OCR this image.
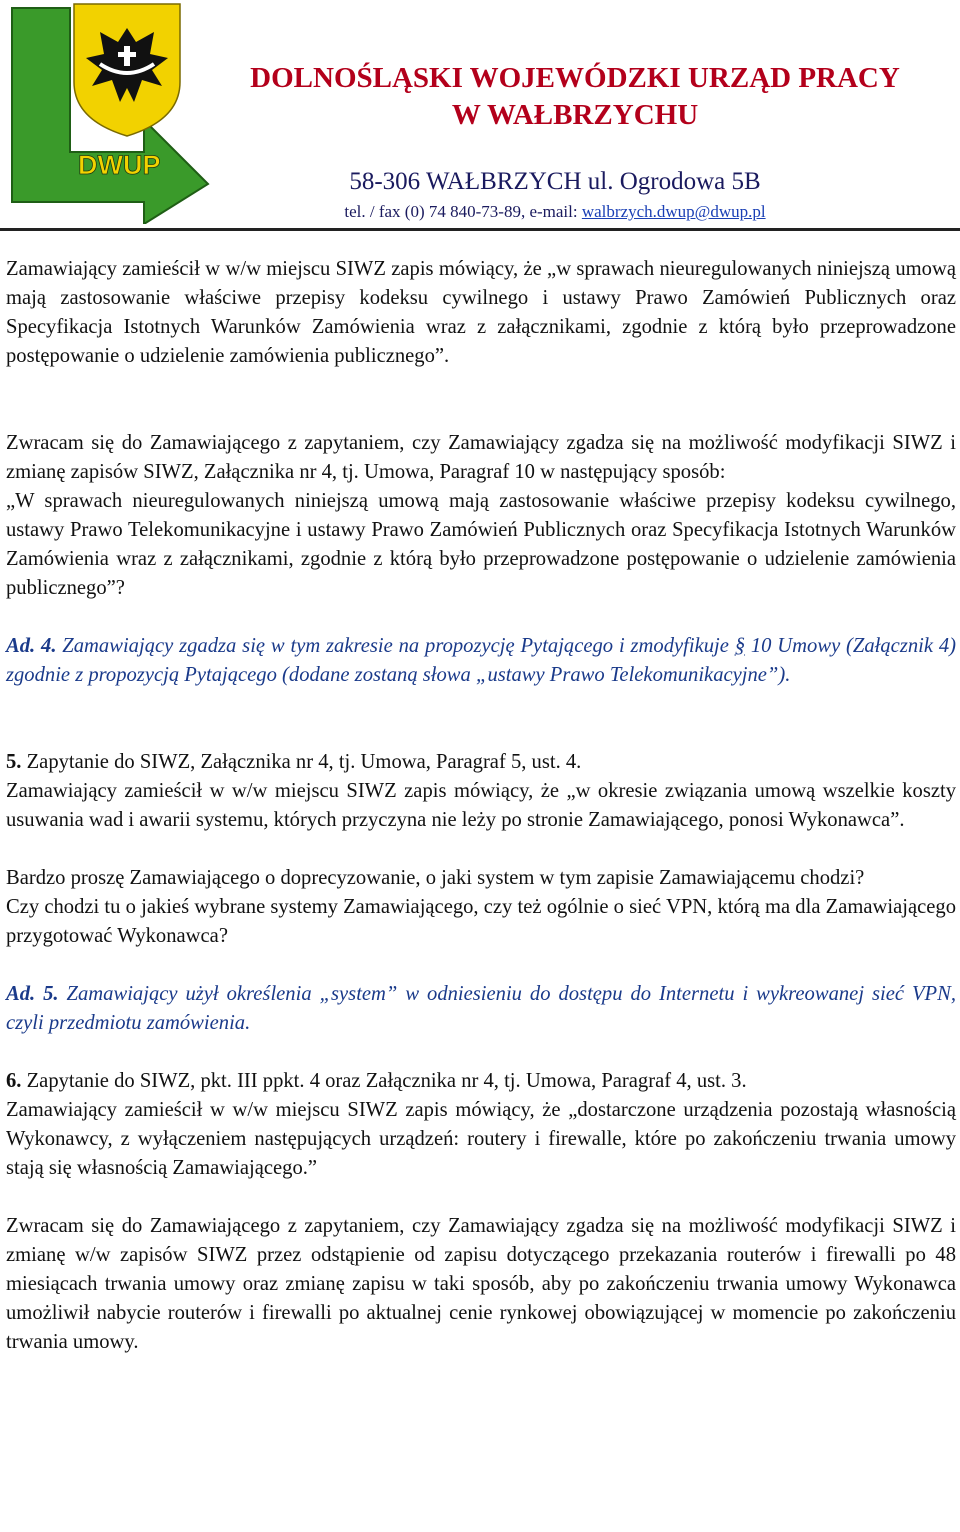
DWUP
DOLNOŚLĄSKI WOJEWÓDZKI URZĄD PRACY
W WAŁBRZYCHU
58-306 WAŁBRZYCH ul. Ogrodowa 5B
tel. / fax (0) 74 840-73-89, e-mail: walbrzych.dwup@dwup.pl

Zamawiający zamieścił w w/w miejscu SIWZ zapis mówiący, że „w sprawach nieuregulowanych niniejszą umową mają zastosowanie właściwe przepisy kodeksu cywilnego i ustawy Prawo Zamówień Publicznych oraz Specyfikacja Istotnych Warunków Zamówienia wraz z załącznikami, zgodnie z którą było przeprowadzone postępowanie o udzielenie zamówienia publicznego”.

Zwracam się do Zamawiającego z zapytaniem, czy Zamawiający zgadza się na możliwość modyfikacji SIWZ i zmianę zapisów SIWZ, Załącznika nr 4, tj. Umowa, Paragraf 10 w następujący sposób:

„W sprawach nieuregulowanych niniejszą umową mają zastosowanie właściwe przepisy kodeksu cywilnego, ustawy Prawo Telekomunikacyjne i ustawy Prawo Zamówień Publicznych oraz Specyfikacja Istotnych Warunków Zamówienia wraz z załącznikami, zgodnie z którą było przeprowadzone postępowanie o udzielenie zamówienia publicznego”?

Ad. 4. Zamawiający zgadza się w tym zakresie na propozycję Pytającego i zmodyfikuje § 10 Umowy (Załącznik 4) zgodnie z propozycją Pytającego (dodane zostaną słowa „ustawy Prawo Telekomunikacyjne”).

5. Zapytanie do SIWZ, Załącznika nr 4, tj. Umowa, Paragraf 5, ust. 4.

Zamawiający zamieścił w w/w miejscu SIWZ zapis mówiący, że „w okresie związania umową wszelkie koszty usuwania wad i awarii systemu, których przyczyna nie leży po stronie Zamawiającego, ponosi Wykonawca”.

Bardzo proszę Zamawiającego o doprecyzowanie, o jaki system w tym zapisie Zamawiającemu chodzi?

Czy chodzi tu o jakieś wybrane systemy Zamawiającego, czy też ogólnie o sieć VPN, którą ma dla Zamawiającego przygotować Wykonawca?

Ad. 5. Zamawiający użył określenia „system” w odniesieniu do dostępu do Internetu i wykreowanej sieć VPN, czyli przedmiotu zamówienia.

6. Zapytanie do SIWZ, pkt. III ppkt. 4 oraz Załącznika nr 4, tj. Umowa, Paragraf 4, ust. 3.

Zamawiający zamieścił w w/w miejscu SIWZ zapis mówiący, że „dostarczone urządzenia pozostają własnością Wykonawcy, z wyłączeniem następujących urządzeń: routery i firewalle, które po zakończeniu trwania umowy stają się własnością Zamawiającego.”

Zwracam się do Zamawiającego z zapytaniem, czy Zamawiający zgadza się na możliwość modyfikacji SIWZ i zmianę w/w zapisów SIWZ przez odstąpienie od zapisu dotyczącego przekazania routerów i firewalli po 48 miesiącach trwania umowy oraz zmianę zapisu w taki sposób, aby po zakończeniu trwania umowy Wykonawca umożliwił nabycie routerów i firewalli po aktualnej cenie rynkowej obowiązującej w momencie po zakończeniu trwania umowy.
